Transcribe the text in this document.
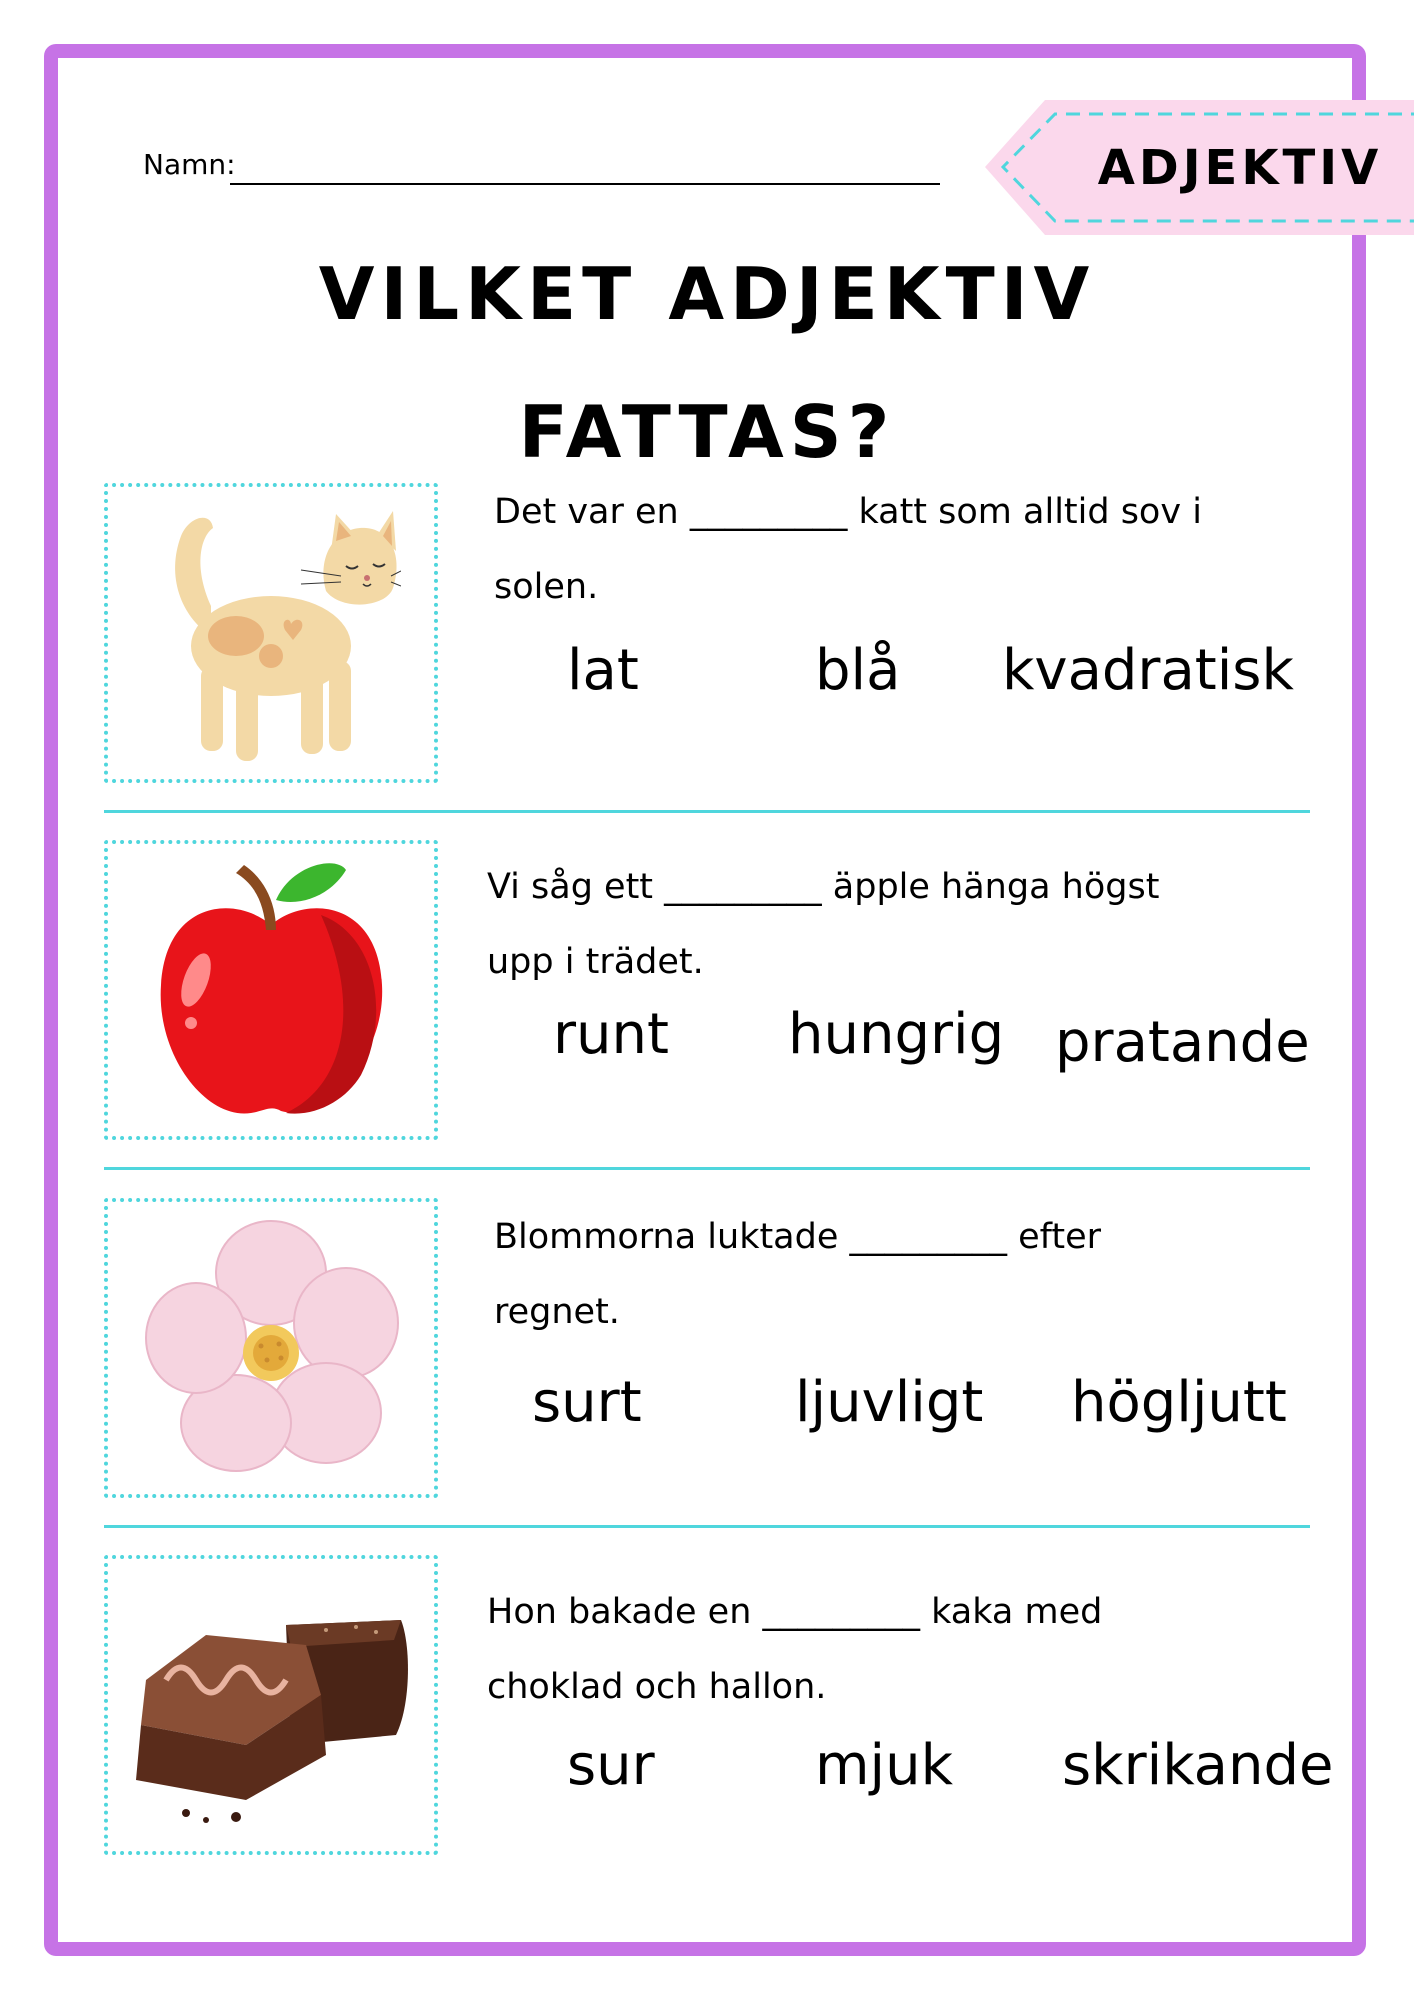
Namn:	ADJEKTIV
VILKET ADJEKTIV
FATTAS?
Det var en _________ katt som alltid sov i
solen.
lat	blå kvadratisk
Vi såg ett _________ äpple hänga högst
upp i trädet.
runt hungrig pratande
Blommorna luktade _________ efter
regnet.
surt	ljuvligt högljutt
Hon bakade en _________ kaka med
choklad och hallon.
sur	mjuk skrikande
